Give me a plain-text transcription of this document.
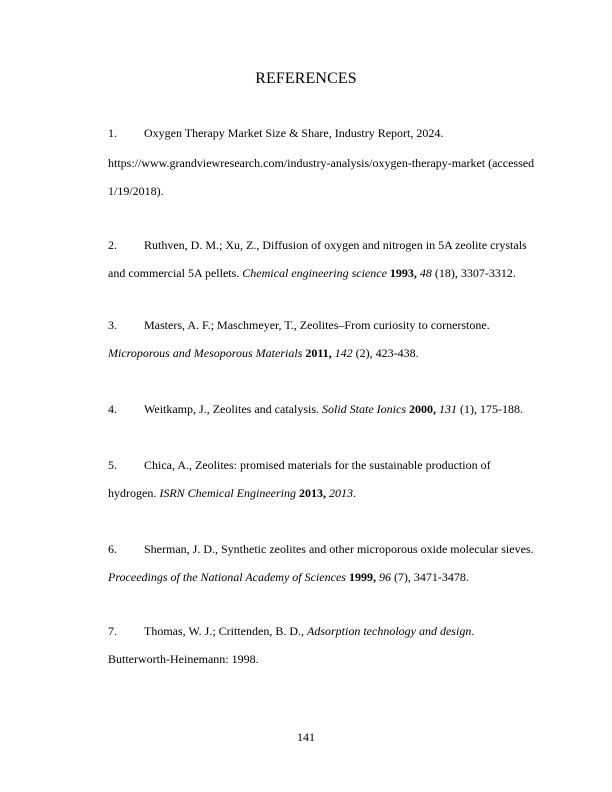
REFERENCES
1. Oxygen Therapy Market Size & Share, Industry Report, 2024.
https://www.grandviewresearch.com/industry-analysis/oxygen-therapy-market (accessed
1/19/2018).
2. Ruthven, D. M.; Xu, Z., Diffusion of oxygen and nitrogen in 5A zeolite crystals
and commercial 5A pellets. Chemical engineering science 1993, 48 (18), 3307-3312.
3. Masters, A. F.; Maschmeyer, T., Zeolites–From curiosity to cornerstone.
Microporous and Mesoporous Materials 2011, 142 (2), 423-438.
4. Weitkamp, J., Zeolites and catalysis. Solid State Ionics 2000, 131 (1), 175-188.
5. Chica, A., Zeolites: promised materials for the sustainable production of
hydrogen. ISRN Chemical Engineering 2013, 2013.
6. Sherman, J. D., Synthetic zeolites and other microporous oxide molecular sieves.
Proceedings of the National Academy of Sciences 1999, 96 (7), 3471-3478.
7. Thomas, W. J.; Crittenden, B. D., Adsorption technology and design.
Butterworth-Heinemann: 1998.
141
